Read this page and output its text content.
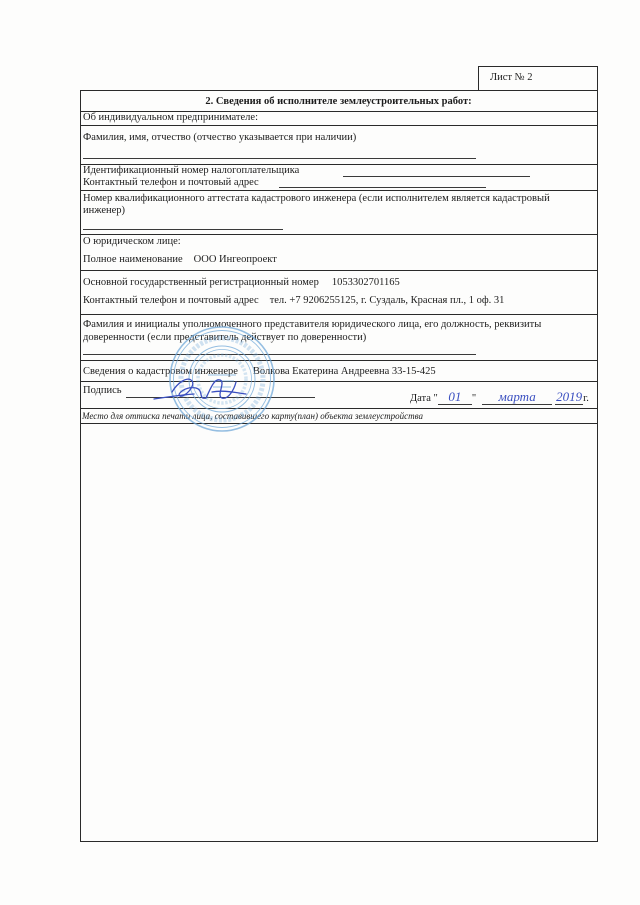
Лист № 2
2. Сведения об исполнителе землеустроительных работ:
Об индивидуальном предпринимателе:
Фамилия, имя, отчество (отчество указывается при наличии)
Идентификационный номер налогоплательщика
Контактный телефон и почтовый адрес
Номер квалификационного аттестата кадастрового инженера (если исполнителем является кадастровый
инженер)
О юридическом лице:
Полное наименование ООО Ингеопроект
Основной государственный регистрационный номер 1053302701165
Контактный телефон и почтовый адрес тел. +7 9206255125, г. Суздаль, Красная пл., 1 оф. 31
Фамилия и инициалы уполномоченного представителя юридического лица, его должность, реквизиты
доверенности (если представитель действует по доверенности)
Сведения о кадастровом инженере Волкова Екатерина Андреевна 33-15-425
Подпись
Дата " 01	"	марта	2019 г.
Место для оттиска печати лица, составившего карту(план) объекта землеустройства
